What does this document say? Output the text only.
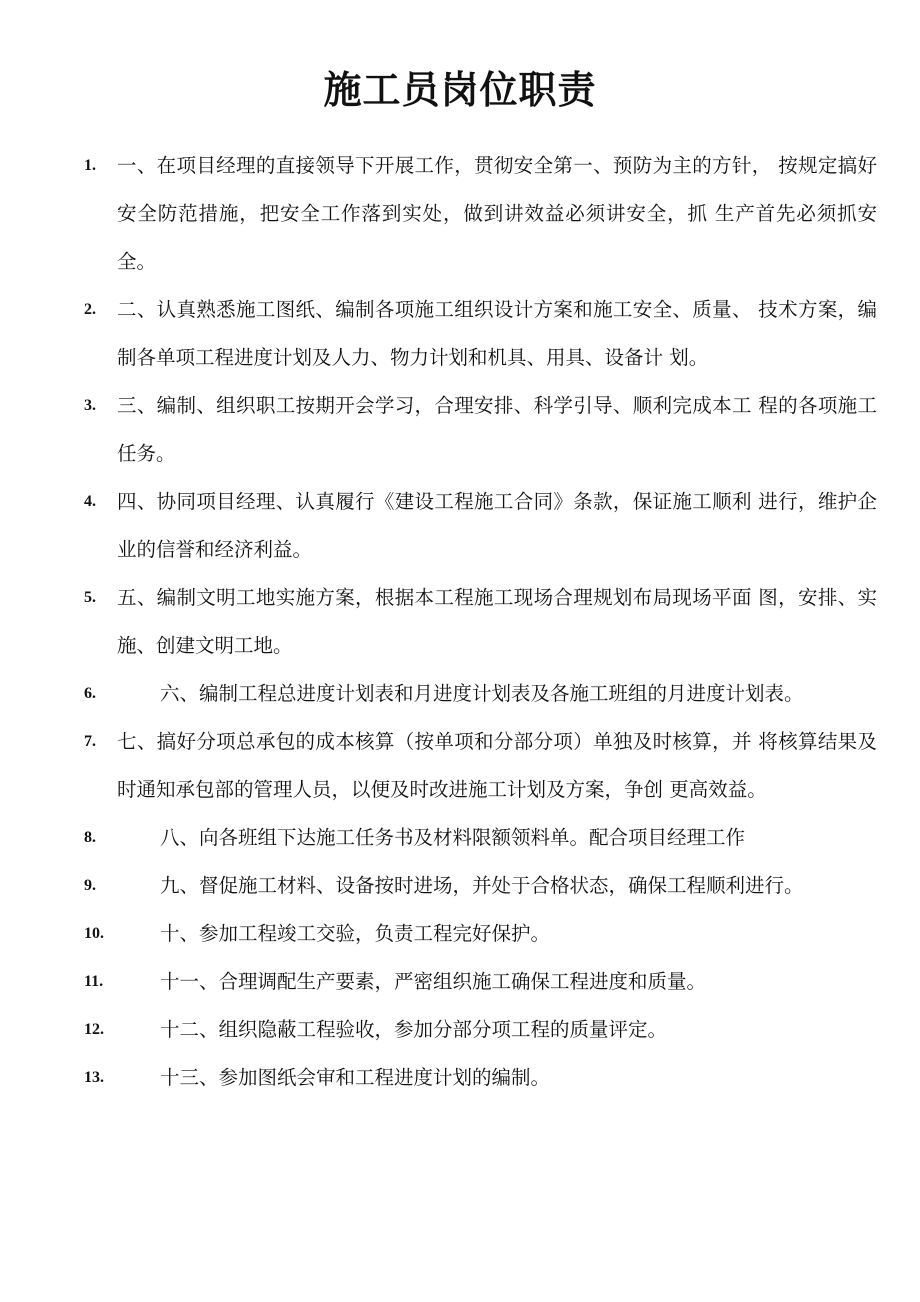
施工员岗位职责
1. 一、在项目经理的直接领导下开展工作，贯彻安全第一、预防为主的方针， 按规定搞好安全防范措施，把安全工作落到实处，做到讲效益必须讲安全，抓 生产首先必须抓安全。
2. 二、认真熟悉施工图纸、编制各项施工组织设计方案和施工安全、质量、 技术方案，编制各单项工程进度计划及人力、物力计划和机具、用具、设备计 划。
3. 三、编制、组织职工按期开会学习，合理安排、科学引导、顺利完成本工 程的各项施工任务。
4. 四、协同项目经理、认真履行《建设工程施工合同》条款，保证施工顺利 进行，维护企业的信誉和经济利益。
5. 五、编制文明工地实施方案，根据本工程施工现场合理规划布局现场平面 图，安排、实施、创建文明工地。
6.	六、编制工程总进度计划表和月进度计划表及各施工班组的月进度计划表。
7. 七、搞好分项总承包的成本核算（按单项和分部分项）单独及时核算，并 将核算结果及时通知承包部的管理人员，以便及时改进施工计划及方案，争创 更高效益。
8.	八、向各班组下达施工任务书及材料限额领料单。配合项目经理工作
9.	九、督促施工材料、设备按时进场，并处于合格状态，确保工程顺利进行。
10.	十、参加工程竣工交验，负责工程完好保护。
11.	十一、合理调配生产要素，严密组织施工确保工程进度和质量。
12.	十二、组织隐蔽工程验收，参加分部分项工程的质量评定。
13.	十三、参加图纸会审和工程进度计划的编制。
